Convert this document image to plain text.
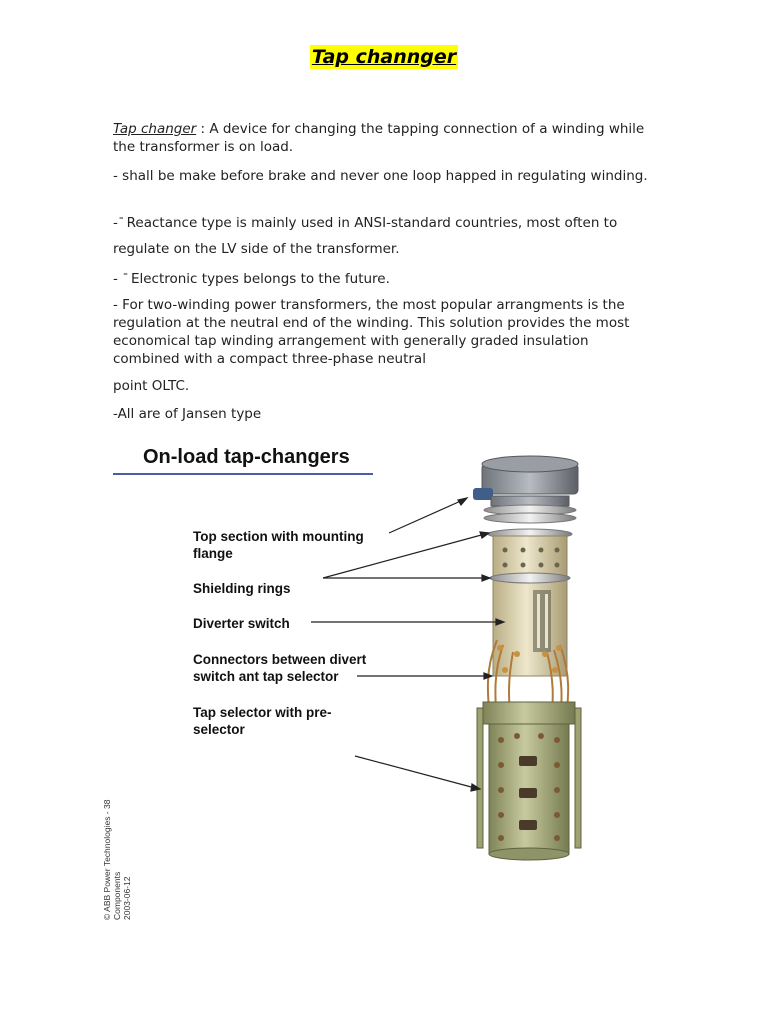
Tap channger
Tap changer : A device for changing the tapping connection of a winding while the transformer is on load.
- shall be make before brake and never one loop happed in regulating winding.
-⁼ Reactance type is mainly used in ANSI-standard countries, most often to
regulate on the LV side of the transformer.
- ⁼ Electronic types belongs to the future.
- For two-winding power transformers, the most popular arrangments is the regulation at the neutral end of the winding. This solution provides the most economical tap winding arrangement with generally graded insulation combined with a compact three-phase neutral
point OLTC.
-All are of Jansen type
On-load tap-changers
Top section with mounting
flange
Shielding rings
Diverter switch
Connectors between divert
switch ant tap selector
Tap selector with pre-
selector
© ABB Power Technologies - 38 Components 2003-06-12
